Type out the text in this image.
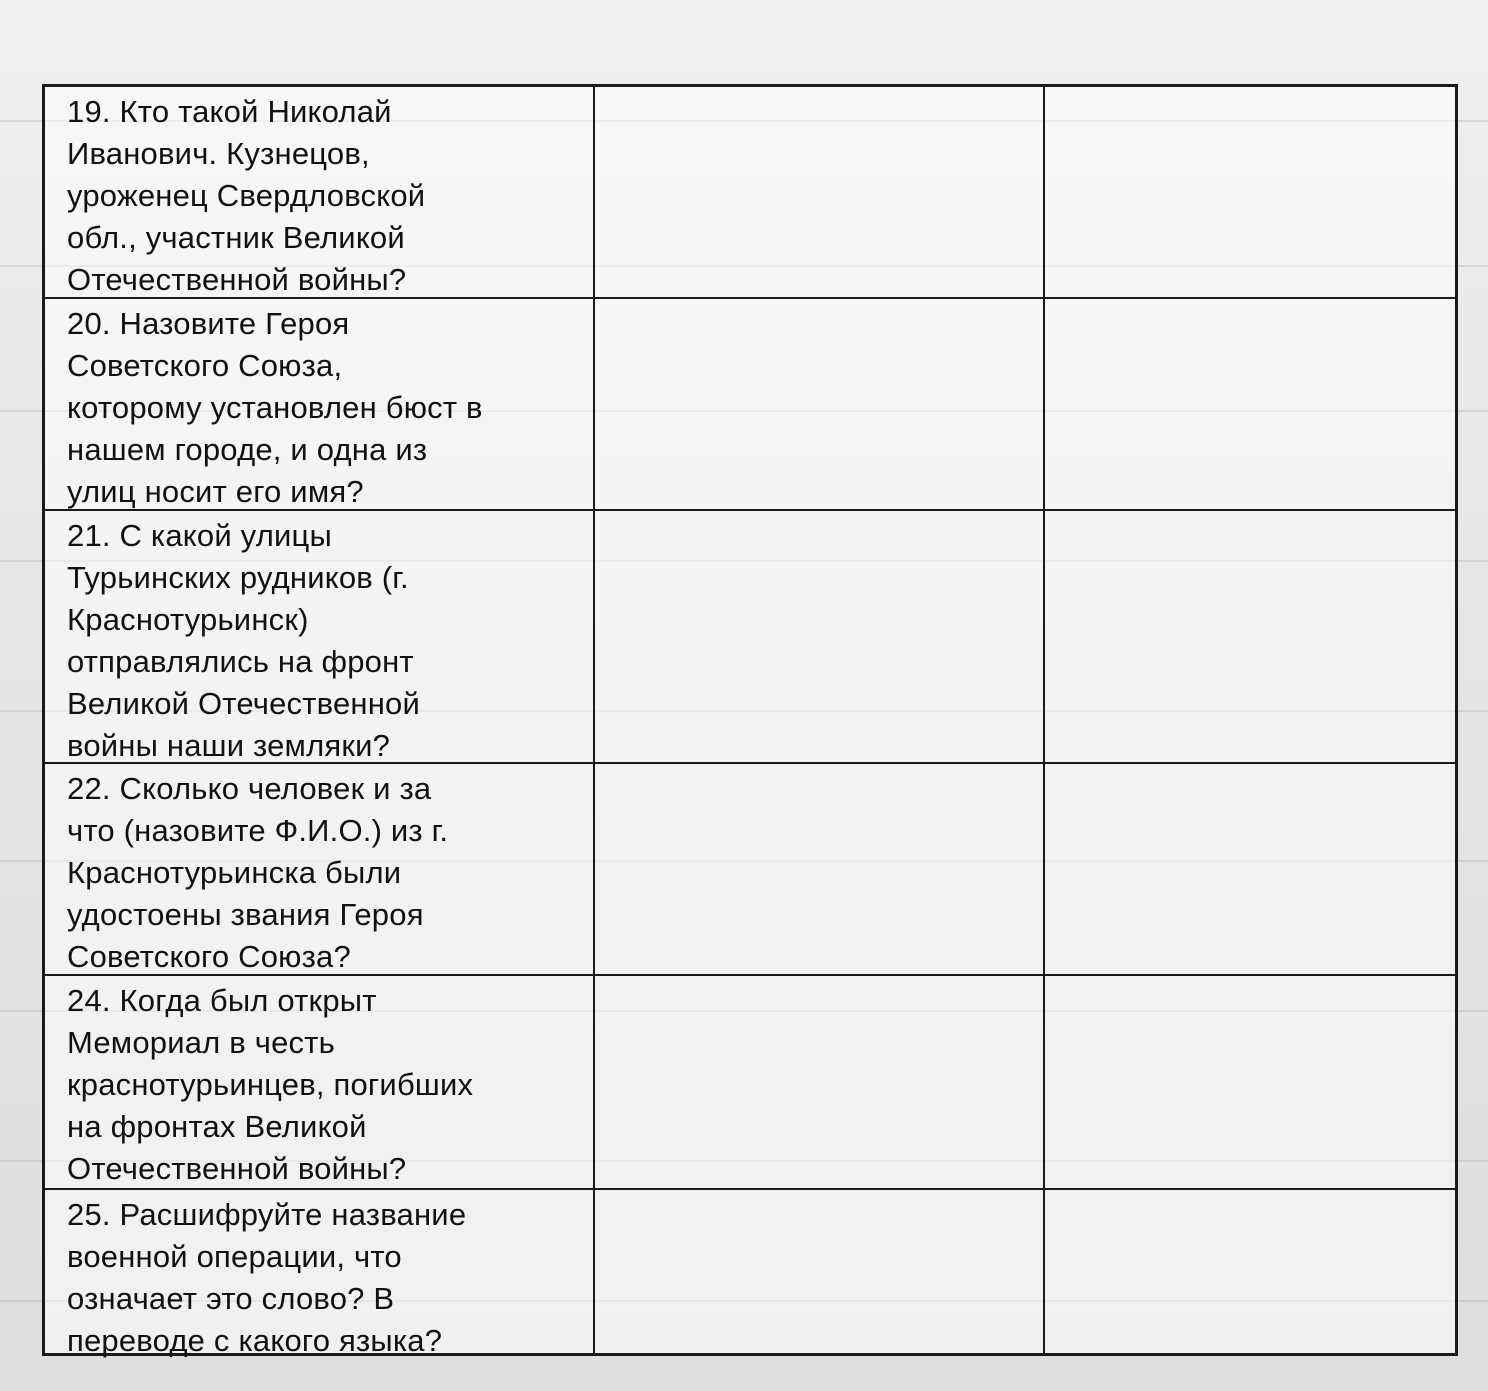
19. Кто такой Николай
Иванович. Кузнецов,
уроженец Свердловской
обл., участник Великой
Отечественной войны?
20. Назовите Героя
Советского Союза,
которому установлен бюст в
нашем городе, и одна из
улиц носит его имя?
21. С какой улицы
Турьинских рудников (г.
Краснотурьинск)
отправлялись на фронт
Великой Отечественной
войны наши земляки?
22. Сколько человек и за
что (назовите Ф.И.О.) из г.
Краснотурьинска были
удостоены звания Героя
Советского Союза?
24. Когда был открыт
Мемориал в честь
краснотурьинцев, погибших
на фронтах Великой
Отечественной войны?
25. Расшифруйте название
военной операции, что
означает это слово? В
переводе с какого языка?
